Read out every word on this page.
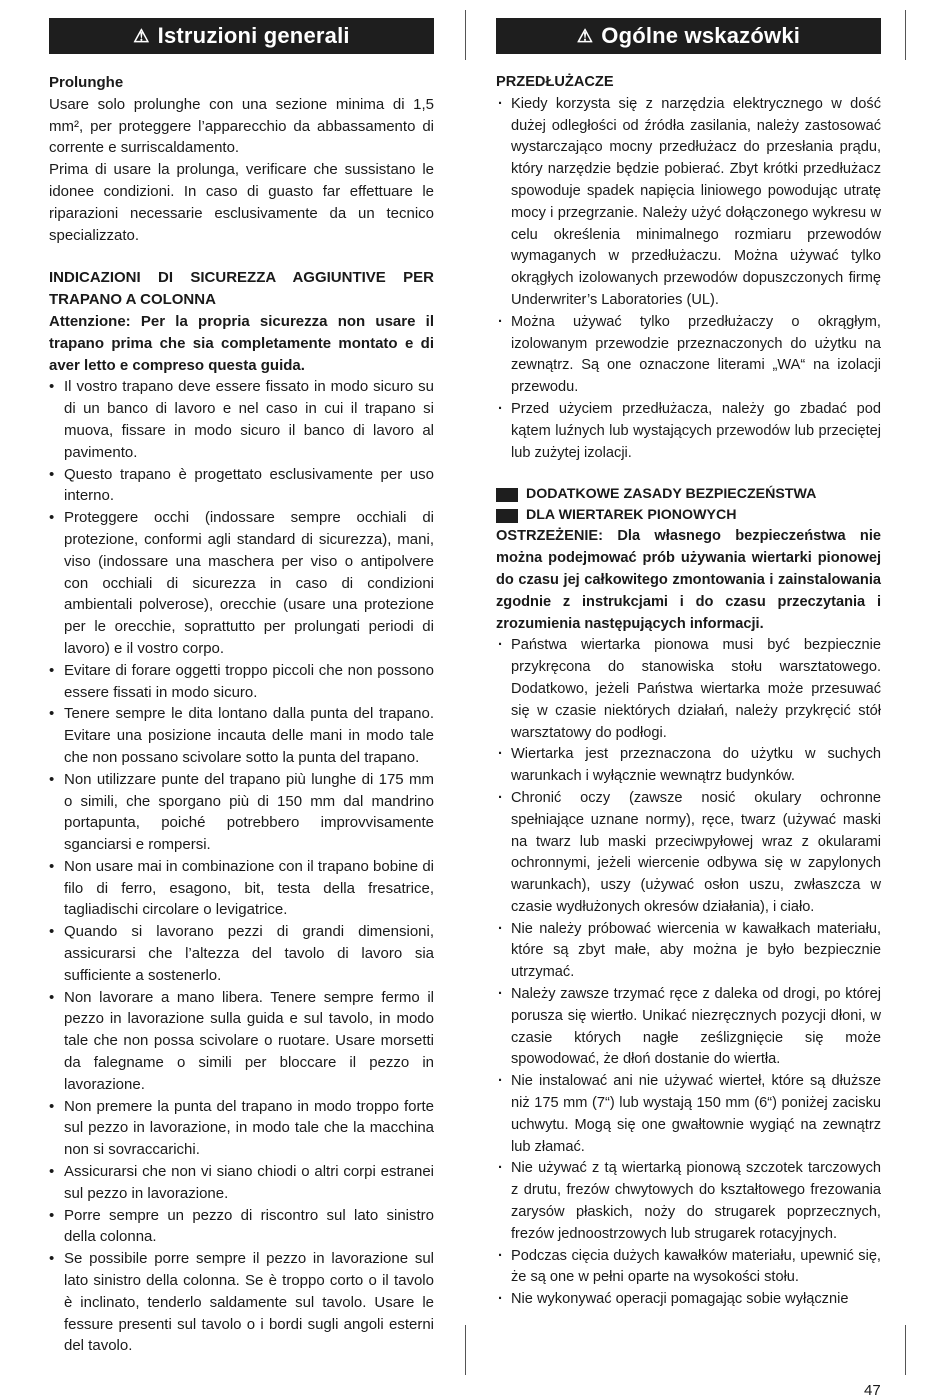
⚠ Istruzioni generali

Prolunghe

Usare solo prolunghe con una sezione minima di 1,5 mm², per proteggere l’apparecchio da abbassamento di corrente e surriscaldamento.

Prima di usare la prolunga, verificare che sussistano le idonee condizioni. In caso di guasto far effettuare le riparazioni necessarie esclusivamente da un tecnico specializzato.

INDICAZIONI DI SICUREZZA AGGIUNTIVE PER TRAPANO A COLONNA

Attenzione: Per la propria sicurezza non usare il trapano prima che sia completamente montato e di aver letto e compreso questa guida.

• Il vostro trapano deve essere fissato in modo sicuro su di un banco di lavoro e nel caso in cui il trapano si muova, fissare in modo sicuro il banco di lavoro al pavimento.
• Questo trapano è progettato esclusivamente per uso interno.
• Proteggere occhi (indossare sempre occhiali di protezione, conformi agli standard di sicurezza), mani, viso (indossare una maschera per viso o antipolvere con occhiali di sicurezza in caso di condizioni ambientali polverose), orecchie (usare una protezione per le orecchie, soprattutto per prolungati periodi di lavoro) e il vostro corpo.
• Evitare di forare oggetti troppo piccoli che non possono essere fissati in modo sicuro.
• Tenere sempre le dita lontano dalla punta del trapano. Evitare una posizione incauta delle mani in modo tale che non possano scivolare sotto la punta del trapano.
• Non utilizzare punte del trapano più lunghe di 175 mm o simili, che sporgano più di 150 mm dal mandrino portapunta, poiché potrebbero improvvisamente sganciarsi e rompersi.
• Non usare mai in combinazione con il trapano bobine di filo di ferro, esagono, bit, testa della fresatrice, tagliadischi circolare o levigatrice.
• Quando si lavorano pezzi di grandi dimensioni, assicurarsi che l’altezza del tavolo di lavoro sia sufficiente a sostenerlo.
• Non lavorare a mano libera. Tenere sempre fermo il pezzo in lavorazione sulla guida e sul tavolo, in modo tale che non possa scivolare o ruotare. Usare morsetti da falegname o simili per bloccare il pezzo in lavorazione.
• Non premere la punta del trapano in modo troppo forte sul pezzo in lavorazione, in modo tale che la macchina non si sovraccarichi.
• Assicurarsi che non vi siano chiodi o altri corpi estranei sul pezzo in lavorazione.
• Porre sempre un pezzo di riscontro sul lato sinistro della colonna.
• Se possibile porre sempre il pezzo in lavorazione sul lato sinistro della colonna. Se è troppo corto o il tavolo è inclinato, tenderlo saldamente sul tavolo. Usare le fessure presenti sul tavolo o i bordi sugli angoli esterni del tavolo.
⚠ Ogólne wskazówki

PRZEDŁUŻACZE

· Kiedy korzysta się z narzędzia elektrycznego w dość dużej odległości od źródła zasilania, należy zastosować wystarczająco mocny przedłużacz do przesłania prądu, który narzędzie będzie pobierać. Zbyt krótki przedłużacz spowoduje spadek napięcia liniowego powodując utratę mocy i przegrzanie. Należy użyć dołączonego wykresu w celu określenia minimalnego rozmiaru przewodów wymaganych w przedłużaczu. Można używać tylko okrągłych izolowanych przewodów dopuszczonych firmę Underwriter’s Laboratories (UL).
· Można używać tylko przedłużaczy o okrągłym, izolowanym przewodzie przeznaczonych do użytku na zewnątrz. Są one oznaczone literami „WA“ na izolacji przewodu.
· Przed użyciem przedłużacza, należy go zbadać pod kątem luźnych lub wystających przewodów lub przeciętej lub zużytej izolacji.
DODATKOWE ZASADY BEZPIECZEŃSTWA
DLA WIERTAREK PIONOWYCH

OSTRZEŻENIE: Dla własnego bezpieczeństwa nie można podejmować prób używania wiertarki pionowej do czasu jej całkowitego zmontowania i zainstalowania zgodnie z instrukcjami i do czasu przeczytania i zrozumienia następujących informacji.

· Państwa wiertarka pionowa musi być bezpiecznie przykręcona do stanowiska stołu warsztatowego. Dodatkowo, jeżeli Państwa wiertarka może przesuwać się w czasie niektórych działań, należy przykręcić stół warsztatowy do podłogi.
· Wiertarka jest przeznaczona do użytku w suchych warunkach i wyłącznie wewnątrz budynków.
· Chronić oczy (zawsze nosić okulary ochronne spełniające uznane normy), ręce, twarz (używać maski na twarz lub maski przeciwpyłowej wraz z okularami ochronnymi, jeżeli wiercenie odbywa się w zapylonych warunkach), uszy (używać osłon uszu, zwłaszcza w czasie wydłużonych okresów działania), i ciało.
· Nie należy próbować wiercenia w kawałkach materiału, które są zbyt małe, aby można je było bezpiecznie utrzymać.
· Należy zawsze trzymać ręce z daleka od drogi, po której porusza się wiertło. Unikać niezręcznych pozycji dłoni, w czasie których nagłe ześlizgnięcie się może spowodować, że dłoń dostanie do wiertła.
· Nie instalować ani nie używać wierteł, które są dłuższe niż 175 mm (7“) lub wystają 150 mm (6“) poniżej zacisku uchwytu. Mogą się one gwałtownie wygiąć na zewnątrz lub złamać.
· Nie używać z tą wiertarką pionową szczotek tarczowych z drutu, frezów chwytowych do kształtowego frezowania zarysów płaskich, noży do strugarek poprzecznych, frezów jednoostrzowych lub strugarek rotacyjnych.
· Podczas cięcia dużych kawałków materiału, upewnić się, że są one w pełni oparte na wysokości stołu.
· Nie wykonywać operacji pomagając sobie wyłącznie
47
